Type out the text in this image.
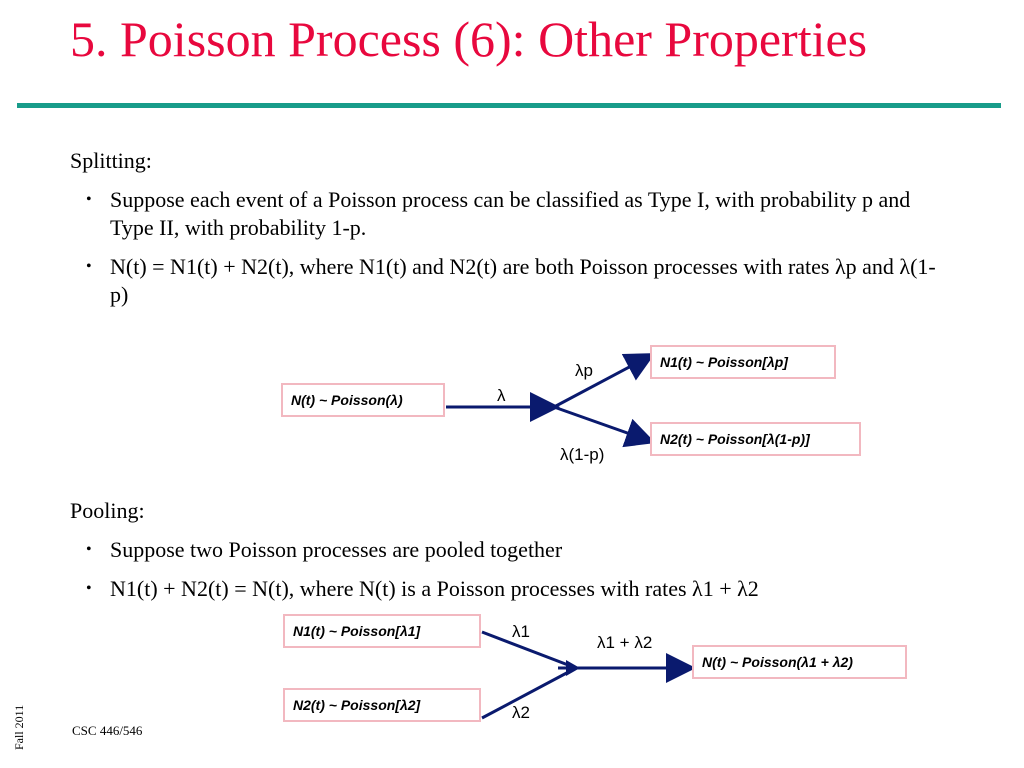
5. Poisson Process (6): Other Properties
Splitting:
• Suppose each event of a Poisson process can be classified as Type I, with probability p and Type II, with probability 1-p.
• N(t) = N1(t) + N2(t), where N1(t) and N2(t) are both Poisson processes with rates λp and λ(1-p)
N(t) ~ Poisson(λ)	λ
λp
λ(1-p)
N1(t) ~ Poisson[λp]
N2(t) ~ Poisson[λ(1-p)]
Pooling:
• Suppose two Poisson processes are pooled together
• N1(t) + N2(t) = N(t), where N(t) is a Poisson processes with rates λ1 + λ2
N1(t) ~ Poisson[λ1]
N2(t) ~ Poisson[λ2]
λ1
λ2
λ1 + λ2
N(t) ~ Poisson(λ1 + λ2)
Fall 2011	CSC 446/546
